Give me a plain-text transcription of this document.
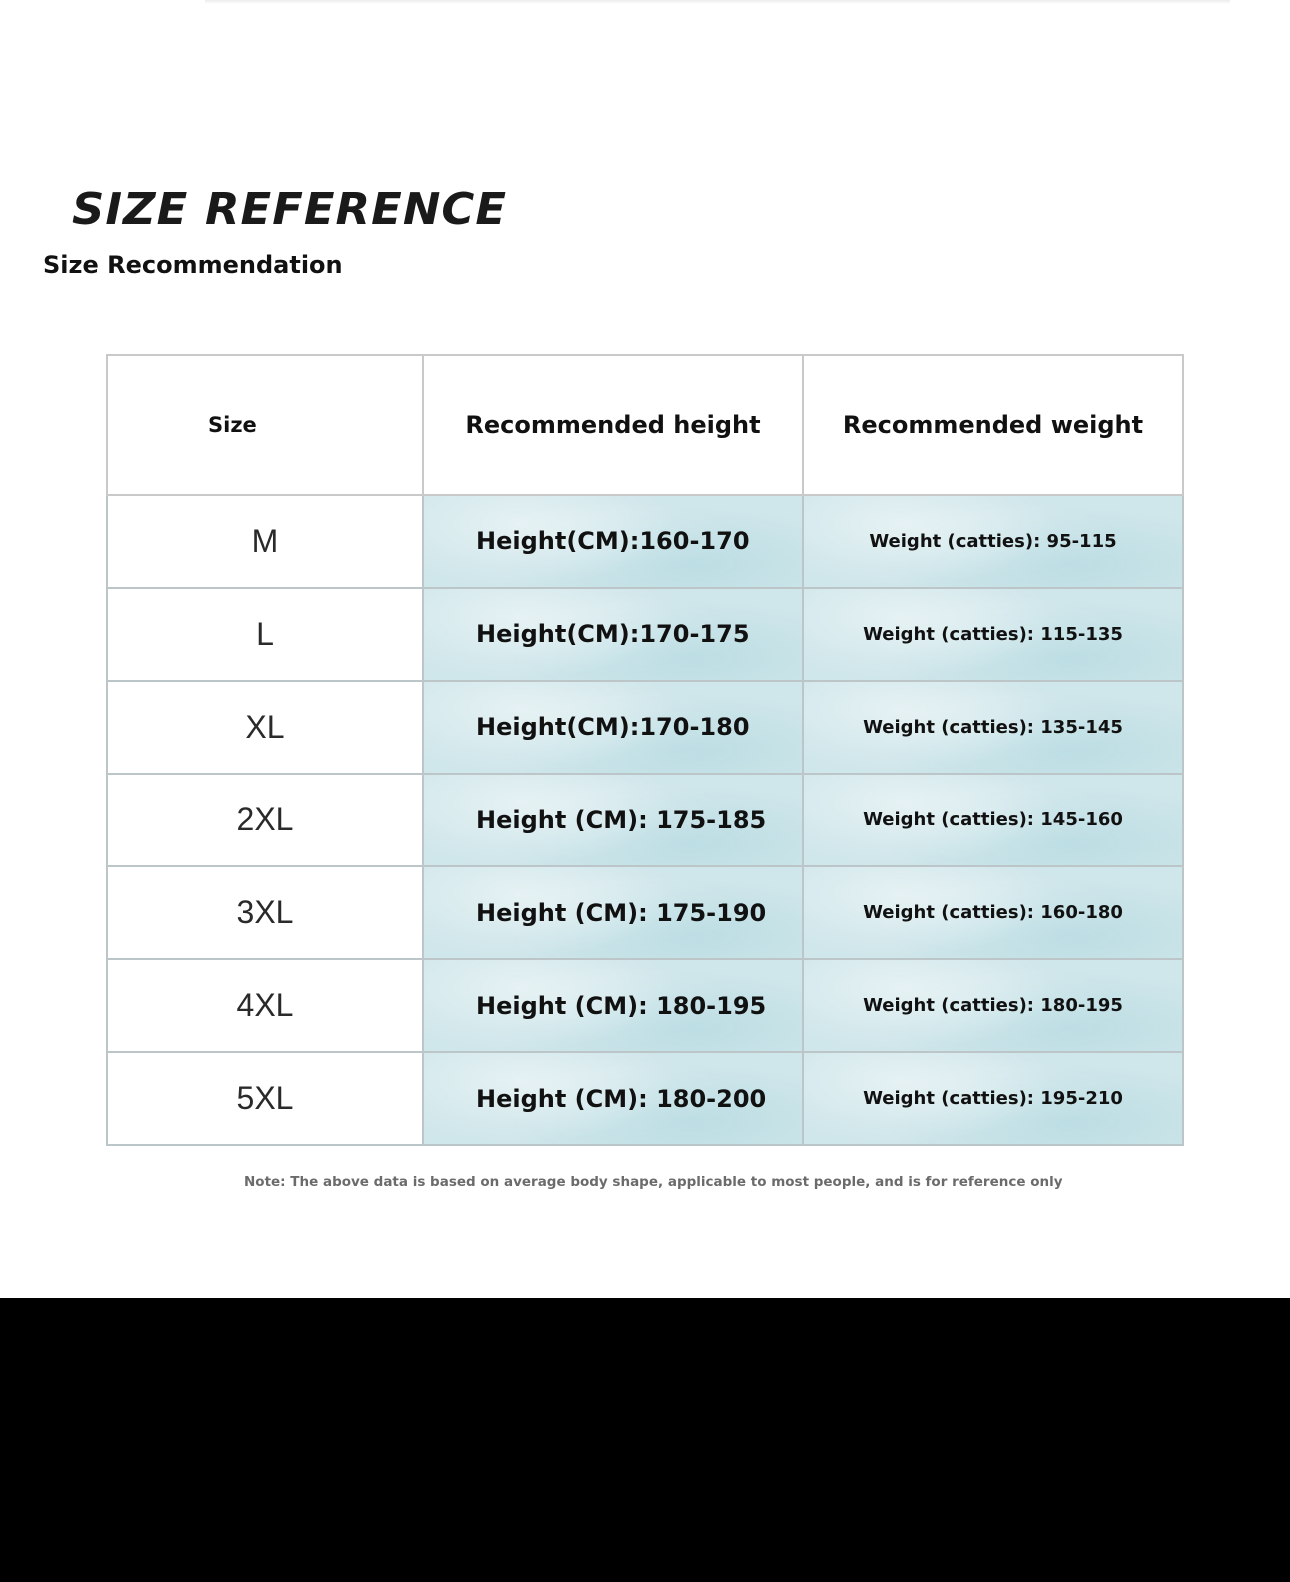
SIZE REFERENCE
Size Recommendation
Size	Recommended height	Recommended weight
M	Height(CM):160-170	Weight (catties): 95-115
L	Height(CM):170-175	Weight (catties): 115-135
XL	Height(CM):170-180	Weight (catties): 135-145
2XL	Height (CM): 175-185	Weight (catties): 145-160
3XL	Height (CM): 175-190	Weight (catties): 160-180
4XL	Height (CM): 180-195	Weight (catties): 180-195
5XL	Height (CM): 180-200	Weight (catties): 195-210

Note: The above data is based on average body shape, applicable to most people, and is for reference only
